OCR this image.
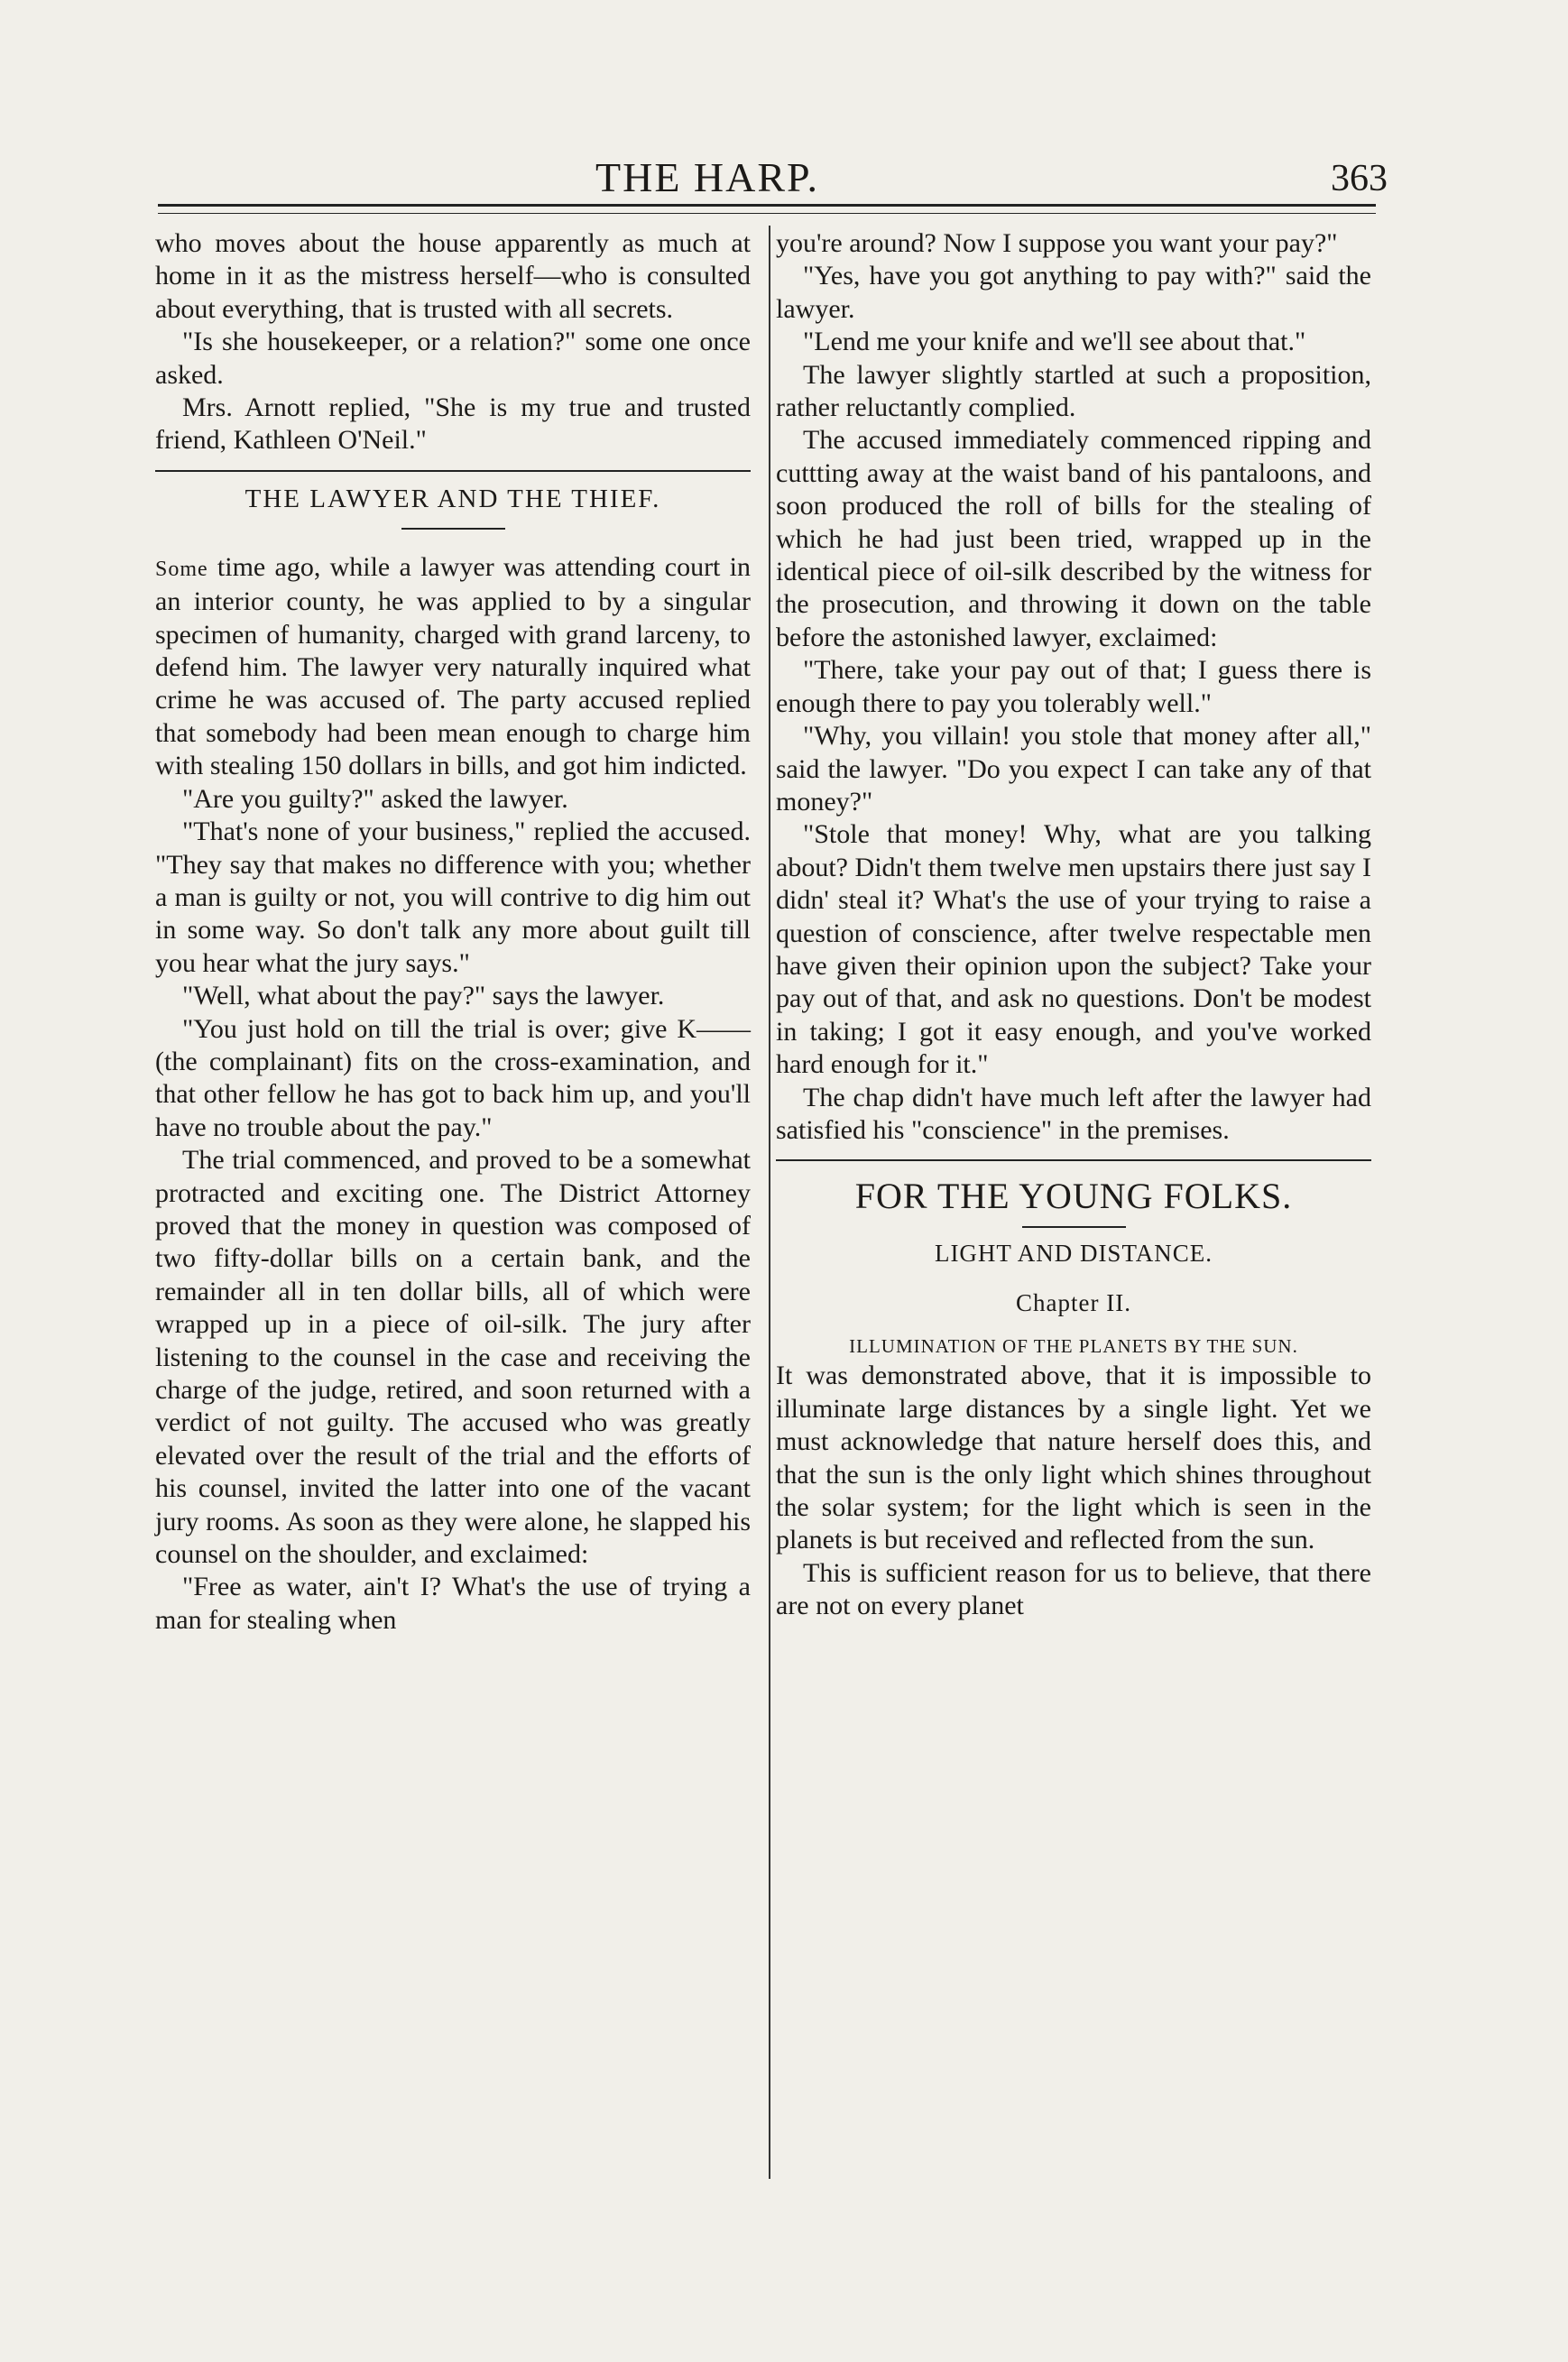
THE HARP.	363

who moves about the house apparently as much at home in it as the mistress herself—who is consulted about everything, that is trusted with all secrets.

"Is she housekeeper, or a relation?" some one once asked.

Mrs. Arnott replied, "She is my true and trusted friend, Kathleen O'Neil."

THE LAWYER AND THE THIEF.

Some time ago, while a lawyer was attending court in an interior county, he was applied to by a singular specimen of humanity, charged with grand larceny, to defend him. The lawyer very naturally inquired what crime he was accused of. The party accused replied that somebody had been mean enough to charge him with stealing 150 dollars in bills, and got him indicted.

"Are you guilty?" asked the lawyer.

"That's none of your business," replied the accused. "They say that makes no difference with you; whether a man is guilty or not, you will contrive to dig him out in some way. So don't talk any more about guilt till you hear what the jury says."

"Well, what about the pay?" says the lawyer.

"You just hold on till the trial is over; give K——(the complainant) fits on the cross-examination, and that other fellow he has got to back him up, and you'll have no trouble about the pay."

The trial commenced, and proved to be a somewhat protracted and exciting one. The District Attorney proved that the money in question was composed of two fifty-dollar bills on a certain bank, and the remainder all in ten dollar bills, all of which were wrapped up in a piece of oil-silk. The jury after listening to the counsel in the case and receiving the charge of the judge, retired, and soon returned with a verdict of not guilty. The accused who was greatly elevated over the result of the trial and the efforts of his counsel, invited the latter into one of the vacant jury rooms. As soon as they were alone, he slapped his counsel on the shoulder, and exclaimed:

"Free as water, ain't I? What's the use of trying a man for stealing when

you're around? Now I suppose you want your pay?"

"Yes, have you got anything to pay with?" said the lawyer.

"Lend me your knife and we'll see about that."

The lawyer slightly startled at such a proposition, rather reluctantly complied.

The accused immediately commenced ripping and cuttting away at the waist band of his pantaloons, and soon produced the roll of bills for the stealing of which he had just been tried, wrapped up in the identical piece of oil-silk described by the witness for the prosecution, and throwing it down on the table before the astonished lawyer, exclaimed:

"There, take your pay out of that; I guess there is enough there to pay you tolerably well."

"Why, you villain! you stole that money after all," said the lawyer. "Do you expect I can take any of that money?"

"Stole that money! Why, what are you talking about? Didn't them twelve men upstairs there just say I didn' steal it? What's the use of your trying to raise a question of conscience, after twelve respectable men have given their opinion upon the subject? Take your pay out of that, and ask no questions. Don't be modest in taking; I got it easy enough, and you've worked hard enough for it."

The chap didn't have much left after the lawyer had satisfied his "conscience" in the premises.

FOR THE YOUNG FOLKS.
LIGHT AND DISTANCE.
Chapter II.
ILLUMINATION OF THE PLANETS BY THE SUN.

It was demonstrated above, that it is impossible to illuminate large distances by a single light. Yet we must acknowledge that nature herself does this, and that the sun is the only light which shines throughout the solar system; for the light which is seen in the planets is but received and reflected from the sun.

This is sufficient reason for us to believe, that there are not on every planet
